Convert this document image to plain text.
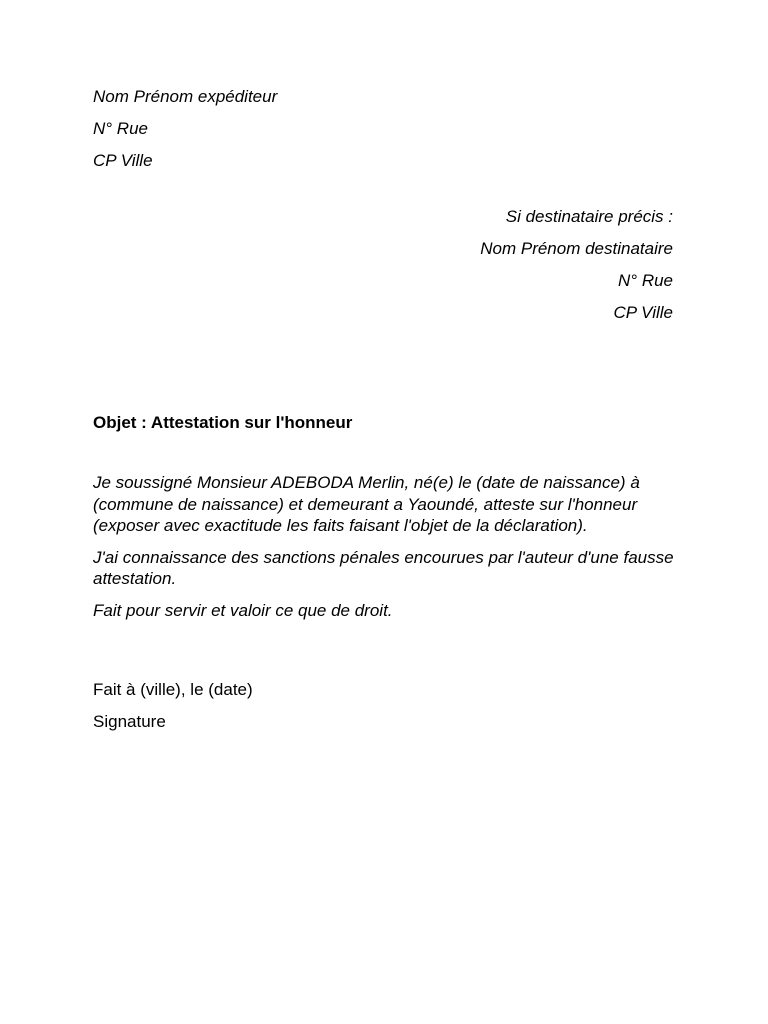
Nom Prénom expéditeur
N° Rue
CP Ville
Si destinataire précis :
Nom Prénom destinataire
N° Rue
CP Ville
Objet : Attestation sur l'honneur

Je soussigné Monsieur ADEBODA Merlin, né(e) le (date de naissance) à (commune de naissance) et demeurant a Yaoundé, atteste sur l'honneur (exposer avec exactitude les faits faisant l'objet de la déclaration).

J'ai connaissance des sanctions pénales encourues par l'auteur d'une fausse attestation.

Fait pour servir et valoir ce que de droit.

Fait à (ville), le (date)
Signature
